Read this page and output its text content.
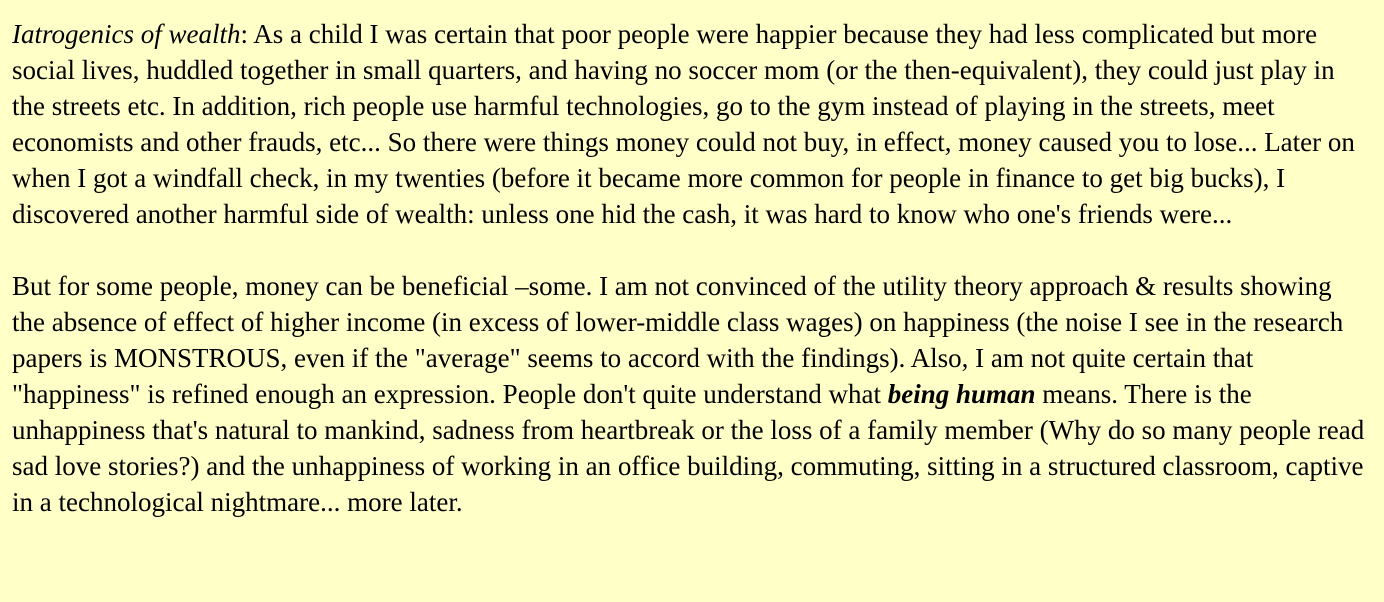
Iatrogenics of wealth: As a child I was certain that poor people were happier because they had less complicated but more social lives, huddled together in small quarters, and having no soccer mom (or the then-equivalent), they could just play in the streets etc. In addition, rich people use harmful technologies, go to the gym instead of playing in the streets, meet economists and other frauds, etc... So there were things money could not buy, in effect, money caused you to lose... Later on when I got a windfall check, in my twenties (before it became more common for people in finance to get big bucks), I discovered another harmful side of wealth: unless one hid the cash, it was hard to know who one's friends were...

But for some people, money can be beneficial –some. I am not convinced of the utility theory approach & results showing the absence of effect of higher income (in excess of lower-middle class wages) on happiness (the noise I see in the research papers is MONSTROUS, even if the "average" seems to accord with the findings). Also, I am not quite certain that "happiness" is refined enough an expression. People don't quite understand what being human means. There is the unhappiness that's natural to mankind, sadness from heartbreak or the loss of a family member (Why do so many people read sad love stories?) and the unhappiness of working in an office building, commuting, sitting in a structured classroom, captive in a technological nightmare... more later.
